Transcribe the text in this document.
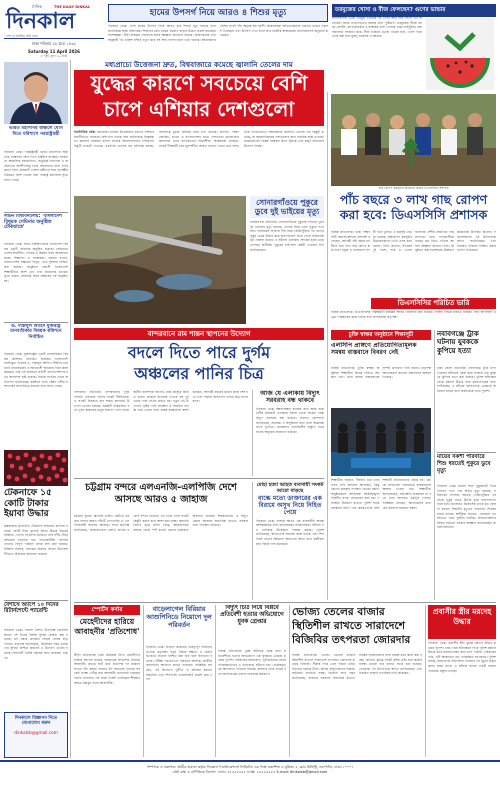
দৈনিক	THE DAILY DINKAL
দিনকাল
দেশ ও জাতির কথা বলে
ঢাকা শনিবার ২৮ চৈত্র ১৪৩২
Saturday 11 April 2026
৮ পৃষ্ঠা, মূল্য ১০ টাকা
হামের উপসর্গ নিয়ে আরও ৪ শিশুর মৃত্যু
দিনকাল ডেস্ক: দেশে হামের উপসর্গ নিয়ে আরও চার শিশুর মৃত্যু হয়েছে বলে জানিয়েছে স্বাস্থ্য অধিদপ্তর। শিশুদের মধ্যে হামের প্রকোপ বাড়ায় উদ্বেগ প্রকাশ করেছেন বিশেষজ্ঞরা। টিকা কার্যক্রম জোরদার করার আহ্বান জানানো হয়েছে। অধিদপ্তরের তথ্য অনুযায়ী গত চব্বিশ ঘণ্টায় নতুন করে বহু শিশু হাসপাতালে ভর্তি হয়েছে। আক্রান্তদের বেশির ভাগই পাঁচ বছরের কম বয়সী। চিকিৎসকরা অভিভাবকদের সচেতন থাকার পরামর্শ দিয়েছেন এবং উপসর্গ দেখা দিলে দ্রুত নিকটস্থ স্বাস্থ্যকেন্দ্রে যোগাযোগের অনুরোধ করেছেন।
তরমুজের খোসা ও বীজ ফেলছেন? গুণের ভান্ডার
লাইফস্টাইল ডেস্ক: তরমুজ খাওয়ার পর খোসা আর বীজ ফেলে দেন অনেকেই। অথচ এগুলোতেও রয়েছে নানা পুষ্টিগুণ। তরমুজের বীজে আছে প্রোটিন, ম্যাগনেসিয়াম ও স্বাস্থ্যকর চর্বি। খোসায় থাকা সাইট্রুলিন রক্ত সঞ্চালনে সহায়তা করে। বীজ শুকিয়ে ভেজে খাওয়া যায়, খোসা দিয়ে তৈরি করা যায় সুস্বাদু তরকারি ও আচার।
ভারত মহাসাগর অঞ্চলে যোগ দিতে মরিশাসে পররাষ্ট্রমন্ত্রী
দিনকাল ডেস্ক: পররাষ্ট্রমন্ত্রী ভারত মহাসাগর অঞ্চলের সম্মেলনে যোগ দিতে মরিশাস যাচ্ছেন। সম্মেলনে আঞ্চলিক সহযোগিতা, সামুদ্রিক নিরাপত্তা ও অর্থনৈতিক অংশীদারিত্ব নিয়ে আলোচনা হবে। সফরকালে তিনি কয়েকটি দেশের মন্ত্রীদের সঙ্গে দ্বিপক্ষীয় বৈঠকেও অংশ নেবেন বলে পররাষ্ট্র মন্ত্রণালয় সূত্রে জানা গেছে।
লন্ডন বিশ্ববিদ্যালয়: 'বাংলাদেশ বিষয়ক সেমিনার অনুষ্ঠিত টেকিয়াতে'
দিনকাল ডেস্ক: লন্ডন বিশ্ববিদ্যালয়ে বাংলাদেশ বিষয়ক একটি সেমিনার অনুষ্ঠিত হয়েছে। সেমিনারে দেশের অর্থনীতি, গণতন্ত্র ও উন্নয়ন নিয়ে আলোচনা করেন শিক্ষাবিদ ও গবেষকরা। বক্তারা বলেন, বাংলাদেশের সম্ভাবনা বিপুল, তবে সুশাসন নিশ্চিত করা জরুরি। অনুষ্ঠানে প্রবাসী বাংলাদেশি শিক্ষার্থীরাও অংশ নেন এবং নিজেদের মতামত তুলে ধরেন। সেমিনার শেষে প্রশ্নোত্তর পর্ব অনুষ্ঠিত হয়।
ড. দাস্তলুল আহিদ যুক্তরাষ্ট্র মানবাধিকার বিষয়ক কমিশনে নির্বাচিত
দিনকাল ডেস্ক: যুক্তরাষ্ট্রের একটি মানবাধিকার বিষয়ক কমিশনে নির্বাচিত হয়েছেন বাংলাদেশি বংশোদ্ভূত গবেষক ড. দাস্তলুল আহিদ। দীর্ঘদিন ধরে তিনি মানবাধিকার ও অভিবাসী অধিকার নিয়ে কাজ করছেন। তার এই নির্বাচনে প্রবাসী বাংলাদেশিদের মধ্যে আনন্দের সৃষ্টি হয়েছে। বিভিন্ন সংগঠন তাকে অভিনন্দন জানিয়েছে। কমিশনে তিনি দক্ষিণ এশীয় সম্প্রদায়ের প্রতিনিধিত্ব করবেন বলে জানা গেছে।
টেকনাফে ১৫ কোটি টাকার ইয়াবা উদ্ধার
কক্সবাজার প্রতিনিধি: টেকনাফে অভিযান চালিয়ে পনেরো কোটি টাকা মূল্যের ইয়াবা উদ্ধার করেছে বিজিবি। গোপন সংবাদের ভিত্তিতে নাফ নদীর তীরে অভিযান চালানো হয়। পাচারকারীরা পালিয়ে গেলেও বিপুল পরিমাণ মাদক জব্দ করা হয়েছে। বিজিবি জানায়, মাদকের বিরুদ্ধে জিরো টলারেন্স নীতিতে অভিযান অব্যাহত থাকবে।
বৈশাখে অ্যাপে ১০ দিনের রিটার্নশেন্টে প্যারেন্টি
দিনকাল ডেস্ক: পহেলা বৈশাখ উপলক্ষে মোবাইল অ্যাপে দশ দিনের বিশেষ সুবিধা ঘোষণা করা হয়েছে। এই সময়ে গ্রাহকরা বিভিন্ন সেবায় ছাড় পাবেন। কর্তৃপক্ষ জানিয়েছে, উৎসবের সময় গ্রাহকদের সুবিধা নিশ্চিত করতেই এ উদ্যোগ নেওয়া হয়েছে। অফারটি নির্দিষ্ট সময়ের জন্য প্রযোজ্য থাকবে।
দিনকালে বিজ্ঞাপন দিতে যোগাযোগ করুন
dinkalsb@gmail.com
মধ্যপ্রাচ্যে উত্তেজনা দ্রুত, বিশ্ববাজারে কমেছে জ্বালানি তেলের দাম
যুদ্ধের কারণে সবচেয়ে বেশি
চাপে এশিয়ার দেশগুলো
অর্থনৈতিক ডেস্ক: মধ্যপ্রাচ্যে চলমান উত্তেজনার প্রভাবে এশিয়ার অর্থনীতিতে সবচেয়ে বেশি চাপ পড়ছে বলে জানিয়েছে বিশ্লেষকরা। জ্বালানি সরবরাহ ব্যাহত হওয়ায় আমদানিনির্ভর দেশগুলো দ্বিমুখী সংকটে পড়েছে। একদিকে তেলের দাম ওঠানামা করছে, অন্যদিকে মুদ্রার বিনিময় হারে চাপ বাড়ছে। জাপান, দক্ষিণ কোরিয়া, ভারত ও বাংলাদেশের মতো দেশগুলো মধ্যপ্রাচ্যের জ্বালানির ওপর ব্যাপকভাবে নির্ভরশীল। বিশ্লেষকরা বলছেন, সংকট দীর্ঘস্থায়ী হলে মূল্যস্ফীতি আরও বাড়তে পারে। তবে সাম্প্রতিক দিনগুলোতে বিশ্ববাজারে জ্বালানি তেলের দাম কিছুটা কমেছে, যা আমদানিকারক দেশগুলোর জন্য সাময়িক স্বস্তি এনেছে। সরকারগুলো বিকল্প সরবরাহ উৎস খুঁজছে এবং মজুদ বাড়ানোর উদ্যোগ নিচ্ছে।
সোনারগাঁওয়ে পুকুরে ডুবে দুই ভাইয়ের মৃত্যু
নারায়ণগঞ্জ প্রতিনিধি: সোনারগাঁওয়ে পুকুরের পানিতে ডুবে দুই ভাইয়ের মৃত্যু হয়েছে। খেলার সময় তারা পুকুরে পড়ে যায়। পরিবারের সদস্যরা দীর্ঘ সময় খোঁজাখুঁজির পর তাদের পুকুর থেকে উদ্ধার করে হাসপাতালে নিয়ে গেলে চিকিৎসক মৃত ঘোষণা করেন। এ ঘটনায় এলাকায় শোকের ছায়া নেমে এসেছে। স্থানীয়রা পুকুরের চারপাশে বেষ্টনী দেওয়ার দাবি জানিয়েছেন।
বান্দরবানে রাম শান্তন স্থাপনের উদ্যোগ
বদলে দিতে পারে দুর্গম
অঞ্চলের পানির চিত্র
বান্দরবান প্রতিনিধি: বান্দরবানের দুর্গম পাহাড়ি এলাকায় পানির সংকট দীর্ঘদিনের। এ সংকট নিরসনে রাম শান্তন স্থাপনের উদ্যোগ নেওয়া হয়েছে। প্রকল্পটি বাস্তবায়িত হলে দুর্গম অঞ্চলের মানুষ নিরাপদ পানি পাবে। স্থানীয় বাসিন্দারা জানান, শুষ্ক মৌসুমে ঝিরি ও ঝরনা শুকিয়ে যাওয়ায় তাদের বহু দূর থেকে পানি সংগ্রহ করতে হয়। নতুন এই উদ্যোগে বৃষ্টির পানি সংরক্ষণ ও সরবরাহ ব্যবস্থা গড়ে তোলা হবে। প্রকল্প কর্মকর্তারা আশা করছেন, আগামী বছরের মধ্যেই কাজ শেষ হবে এবং পাহাড়ি জনপদের পানির চিত্র বদলে যাবে।
আজ যে এলাকায় বিদ্যুৎ সরবরাহ বন্ধ থাকবে
দিনকাল ডেস্ক: রক্ষণাবেক্ষণ কাজের জন্য আজ রাজধানীর কয়েকটি এলাকায় সকাল থেকে বিকেল পর্যন্ত বিদ্যুৎ সরবরাহ বন্ধ থাকবে। বিতরণ কোম্পানি জানিয়েছে, সাময়িক এ অসুবিধার জন্য তারা আন্তরিকভাবে দুঃখিত। গ্রাহকদের প্রয়োজনীয় প্রস্তুতি নিয়ে রাখার অনুরোধ জানানো হয়েছে।
চট্টগ্রাম বন্দরে এলএনজি-এলপিজি দেশে আসছে আরও ৫ জাহাজ
চট্টগ্রাম ব্যুরো: জ্বালানি চাহিদা মেটাতে চট্টগ্রাম বন্দরে আরও পাঁচটি এলএনজি ও এলপিজিবাহী জাহাজ আসছে। বন্দর কর্তৃপক্ষ জানিয়েছে, জাহাজগুলো চলতি মাসের মধ্যেই বন্দরে ভিড়বে। এর ফলে গ্যাস সংকট কিছুটা কমবে বলে আশা করা হচ্ছে। জ্বালানি বিভাগ সূত্রে জানা গেছে, আন্তর্জাতিক বাজার থেকে স্পট কার্গো কেনার প্রক্রিয়াও অব্যাহত রয়েছে। শিল্পকারখানা ও বিদ্যুৎকেন্দ্রে সরবরাহ স্বাভাবিক রাখতে সরকার নানা পদক্ষেপ নিয়েছে।
মোহা হত্যা আহত ব্যবসায়ী সংকট আরো বাড়ছে
বাল্কে মতো ডাক্তারের এক বিরামে অসুখ নিয়ে নিহিত পেয়ে
দিনকাল ডেস্ক: সংঘর্ষে আহত এক ব্যবসায়ীর অবস্থা আশঙ্কাজনক বলে জানিয়েছেন চিকিৎসকরা। ঘটনার পর এলাকায় উত্তেজনা বিরাজ করছে। পুলিশ জানিয়েছে, জড়িতদের শনাক্তে কাজ চলছে এবং শিগগিরই তাদের আইনের আওতায় আনা হবে। স্থানীয়রা দ্রুত বিচার দাবি করেছেন।
গাছ রোপণ কর্মসূচির উদ্বোধন করেন ডিএসসিসি প্রশাসক
পাঁচ বছরে ৩ লাখ গাছ রোপণ করা হবে: ডিএসসিসি প্রশাসক
নিজস্ব প্রতিবেদক: ঢাকা দক্ষিণ সিটি করপোরেশনের প্রশাসক বলেছেন, আগামী পাঁচ বছরে নগরীতে তিন লাখ গাছ রোপণ করা হবে। সবুজ ও বাসযোগ্য নগরী গড়ে তুলতে এ কর্মসূচি নেওয়া হয়েছে। বৃক্ষরোপণ কর্মসূচির উদ্বোধনকালে তিনি এসব কথা বলেন। তিনি জানান, সড়কের দুই পাশে, পার্ক ও খোলা জায়গায় দেশীয় প্রজাতির গাছ লাগানো হবে। নগরবাসীকে গাছের যত্ন নিতে এগিয়ে আসার আহ্বান জানান তিনি। অনুষ্ঠানে করপোরেশনের ঊর্ধ্বতন কর্মকর্তারা উপস্থিত ছিলেন। পরিবেশবিদরা এই উদ্যোগকে স্বাগত জানিয়েছেন এবং নিয়মিত পরিচর্যা নিশ্চিত করার তাগিদ দিয়েছেন।
ডিএসসিসির পরিচিত ভারি
নিজস্ব প্রতিবেদক: ডিএসসিসির পরিচ্ছন্নতা কার্যক্রম আরও জোরদার করা হয়েছে। নগরীর বিভিন্ন ওয়ার্ডে নিয়মিত বর্জ্য অপসারণ ও ড্রেন পরিষ্কারের কাজ চলছে বলে জানিয়েছে কর্তৃপক্ষ।
চুক্তি স্বাক্ষর অনুষ্ঠানে শিক্ষাসূচী
এলসিপি প্রাঙ্গণে প্রতিযোগিতামূলক সমন্বয় বাস্তবানে বিবরণ নেই
নিজস্ব প্রতিবেদক: চুক্তি স্বাক্ষর অনুষ্ঠানে শিক্ষার্থীরা বিভিন্ন দাবিতে অবস্থান নেন। তারা সমন্বয় বাস্তবায়নের সুস্পষ্ট রূপরেখা দাবি করেন। কর্তৃপক্ষ আলোচনার মাধ্যমে সমাধানের আশ্বাস দিয়েছে।
শিক্ষার্থীরা জানান, দীর্ঘদিন ধরে তারা এসব দাবি জানিয়ে আসছেন, কিন্তু কোনো কার্যকর পদক্ষেপ নেওয়া হয়নি। অনুষ্ঠানস্থলে অতিরিক্ত আইনশৃঙ্খলা বাহিনীর সদস্য মোতায়েন করা হয়। পরিস্থিতি নিয়ন্ত্রণে রাখতে পুলিশ সতর্ক অবস্থানে ছিল। পরে কর্মকর্তাদের সঙ্গে শিক্ষার্থী প্রতিনিধিদের বৈঠক হয়। বৈঠকে দাবিগুলো পর্যায়ক্রমে বাস্তবায়নের আশ্বাস দেওয়া হয়। শিক্ষার্থীরা জানিয়েছেন, প্রতিশ্রুতি বাস্তবায়ন না হলে তারা আবারও কর্মসূচি দেবেন। সংশ্লিষ্টরা বলছেন, আলোচনার মাধ্যমেই সমস্যার সমাধান সম্ভব।
নবাবগঞ্জে ট্রাক ঘটনায় যুবককে কুপিয়ে হত্যা
ঢাকা জেলা প্রতিনিধি: নবাবগঞ্জে ট্রাক চাপা দেওয়ার ঘটনাকে কেন্দ্র করে সংঘর্ষে এক যুবককে কুপিয়ে হত্যা করা হয়েছে। পুলিশ ঘটনাস্থল থেকে মরদেহ উদ্ধার করে ময়নাতদন্তের জন্য পাঠিয়েছে। এ ঘটনায় জড়িতদের গ্রেপ্তারে অভিযান চলছে বলে জানিয়েছে থানা পুলিশ।
মায়ের বকশী পরিবারে শিশু ধরতেই পুকুরে ডুবে মৃত্যু
দিনকাল ডেস্ক: মায়ের সঙ্গে পুকুরঘাটে গিয়ে পানিতে পড়ে এক শিশুর মৃত্যু হয়েছে। পরিবারের সদস্যরা অনেক খোঁজাখুঁজির পর তাকে পুকুর থেকে উদ্ধার করে হাসপাতালে নিয়ে যান। কর্তব্যরত চিকিৎসক তাকে মৃত ঘোষণা করেন। শিশুটির মৃত্যুতে পরিবারে শোকের মাতম চলছে। স্থানীয়রা জানান, এলাকায় এর আগেও এমন দুর্ঘটনা ঘটেছে। অভিভাবকদের আরও সচেতন হওয়ার আহ্বান জানিয়েছেন জনপ্রতিনিধিরা।
স্পোর্টস কর্নার
মেহেদীদের হারিয়ে আবাহনীর 'প্রতিশোধ'
ক্রীড়া প্রতিবেদক: ঢাকা প্রিমিয়ার লিগে মেহেদীদের হারিয়ে আগের ম্যাচের পরাজয়ের প্রতিশোধ নিয়েছে আবাহনী। প্রথমে ব্যাট করে প্রতিপক্ষ দল মাঝারি সংগ্রহ দাঁড় করায়। জবাবে টপ অর্ডারের দৃঢ়তায় সহজেই লক্ষ্যে পৌঁছে যায় আবাহনী। ম্যাচসেরা হয়েছেন দলের ওপেনার। এই জয়ে পয়েন্ট তালিকায় শীর্ষস্থান আরও মজবুত হলো আবাহনীর।
বাড়েলাগেল বিরিয়ার আশুপিনিডে নিয়োগে দুল পরিবর্তন
দিনকাল ডেস্ক: নিয়োগ প্রক্রিয়ায় গুরুত্বপূর্ণ পরিবর্তন এনেছে কর্তৃপক্ষ। নতুন নিয়মে স্বচ্ছতা ও মেধার ভিত্তিতে নিয়োগ নিশ্চিত করা হবে বলে জানানো হয়েছে। পরীক্ষা পদ্ধতিতেও পরিবর্তন আসছে। প্রার্থীরা অনলাইনে আবেদন করতে পারবেন। সংশ্লিষ্টরা বলছেন, এই উদ্যোগে দুর্নীতি ও অনিয়ম কমবে। বিস্তারিত তথ্য শিগগিরই ওয়েবসাইটে প্রকাশ করা হবে।
বিদ্যুৎ চিঠি নিয়ে বিপ্লবে প্রতিবেশী হত্যার অভিযোগে যুবক গ্রেপ্তার
নিজস্ব প্রতিবেদক: তুচ্ছ ঘটনাকে কেন্দ্র করে প্রতিবেশীকে হত্যার অভিযোগে এক যুবককে গ্রেপ্তার করেছে পুলিশ। পরিবারের অভিযোগ, পূর্ববিরোধের জেরে পরিকল্পিতভাবে এ হত্যাকাণ্ড ঘটানো হয়। গ্রেপ্তারকৃতকে আদালতে পাঠানো হয়েছে। মামলার তদন্ত চলছে বলে জানিয়েছেন থানার ভারপ্রাপ্ত কর্মকর্তা।
ভোজ্য তেলের বাজার স্থিতিশীল রাখতে সারাদেশে বিজিবির তৎপরতা জোরদার
নিজস্ব প্রতিবেদক: ভোজ্য তেলের বাজার স্থিতিশীল রাখতে সারাদেশে তৎপরতা জোরদার করেছে বিজিবি। সীমান্ত দিয়ে তেল পাচার রোধে বাড়ানো হয়েছে টহল। অবৈধ মজুদদারদের বিরুদ্ধে অভিযান চালানো হচ্ছে। বিজিবি সদর দপ্তর জানিয়েছে, বাজারে সরবরাহ স্বাভাবিক রাখতে সংশ্লিষ্ট সংস্থাগুলোর সঙ্গে সমন্বয় করে কাজ করা হচ্ছে। কোথাও কৃত্রিম সংকট সৃষ্টির চেষ্টা হলে কঠোর ব্যবস্থা নেওয়া হবে বলেও সতর্ক করা হয়েছে। ভোক্তারা এই উদ্যোগকে স্বাগত জানিয়েছেন এবং নিয়মিত বাজার তদারকির দাবি করেছেন।
প্রবাসীর স্ত্রীর মরদেহ উদ্ধার
দিনকাল ডেস্ক: প্রবাসীর স্ত্রীর ঝুলন্ত মরদেহ উদ্ধার করেছে পুলিশ। খবর পেয়ে ঘটনাস্থলে গিয়ে পুলিশ মরদেহ উদ্ধার করে ময়নাতদন্তের জন্য মর্গে পাঠায়। পরিবারের দাবি, এটি আত্মহত্যা নয়, পরিকল্পিত হত্যাকাণ্ড। পুলিশ বলছে, ময়নাতদন্ত প্রতিবেদন পাওয়ার পর মৃত্যুর প্রকৃত কারণ জানা যাবে। এ ঘটনায় থানায় একটি মামলা দায়েরের প্রস্তুতি চলছে।
সম্পাদক ও প্রকাশক: আমীর হামজা কর্তৃক দিনকাল পাবলিকেশনস লিমিটেড এর পক্ষে প্রকাশিত ও মুদ্রিত। ৫, ক্লাব মিনিস্ট্রি, নয়াপল্টন, ঢাকা-১০০০।
বার্তা কক্ষ ও বাণিজ্যিক বিভাগ: ফোন: ৫৫৫৫৫৫৫৫ ফ্যাক্স: ৫৫৫৫৫৫৫৫ E-mail: dinkalsb@gmail.com
